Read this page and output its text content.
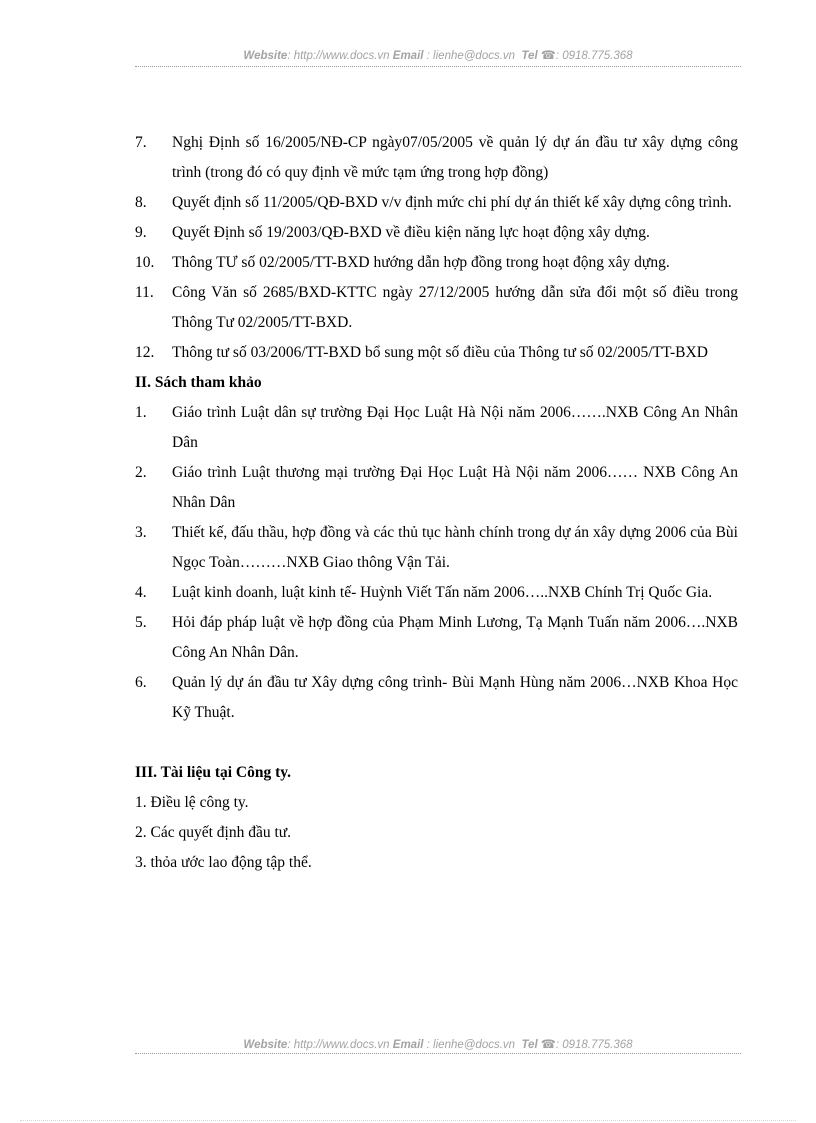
Website: http://www.docs.vn Email : lienhe@docs.vn Tel ☎: 0918.775.368
7.	Nghị Định số 16/2005/NĐ-CP ngày07/05/2005 về quản lý dự án đầu tư xây dựng công trình (trong đó có quy định về mức tạm ứng trong hợp đồng)
8.	Quyết định số 11/2005/QĐ-BXD v/v định mức chi phí dự án thiết kế xây dựng công trình.
9.	Quyết Định số 19/2003/QĐ-BXD về điều kiện năng lực hoạt động xây dựng.
10.	Thông TƯ số 02/2005/TT-BXD hướng dẫn hợp đồng trong hoạt động xây dựng.
11.	Công Văn số 2685/BXD-KTTC ngày 27/12/2005 hướng dẫn sửa đổi một số điều trong Thông Tư 02/2005/TT-BXD.
12.	Thông tư số 03/2006/TT-BXD bổ sung một số điều của Thông tư số 02/2005/TT-BXD
II. Sách tham khảo
1.	Giáo trình Luật dân sự trường Đại Học Luật Hà Nội năm 2006…….NXB Công An Nhân Dân
2.	Giáo trình Luật thương mại trường Đại Học Luật Hà Nội năm 2006…… NXB Công An Nhân Dân
3.	Thiết kế, đấu thầu, hợp đồng và các thủ tục hành chính trong dự án xây dựng 2006 của Bùi Ngọc Toàn………NXB Giao thông Vận Tải.
4.	Luật kinh doanh, luật kinh tế- Huỳnh Viết Tấn năm 2006…..NXB Chính Trị Quốc Gia.
5.	Hỏi đáp pháp luật về hợp đồng của Phạm Minh Lương, Tạ Mạnh Tuấn năm 2006….NXB Công An Nhân Dân.
6.	Quản lý dự án đầu tư Xây dựng công trình- Bùi Mạnh Hùng năm 2006…NXB Khoa Học Kỹ Thuật.
III. Tài liệu tại Công ty.
1. Điều lệ công ty.
2. Các quyết định đầu tư.
3. thỏa ước lao động tập thể.
Website: http://www.docs.vn Email : lienhe@docs.vn Tel ☎: 0918.775.368
